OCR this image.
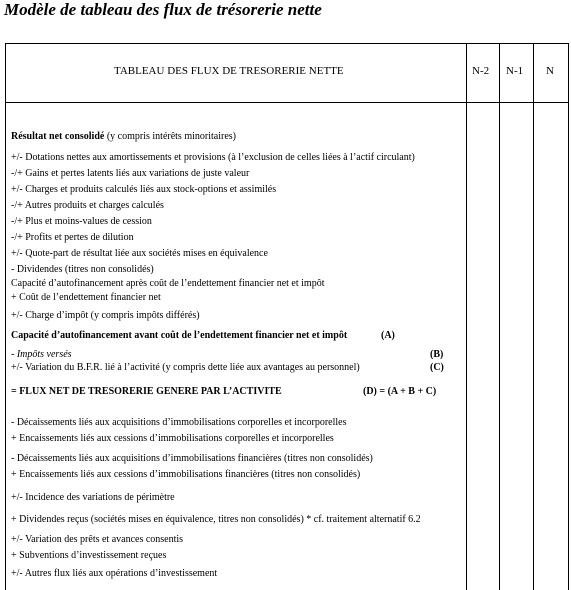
Modèle de tableau des flux de trésorerie nette
TABLEAU DES FLUX DE TRESORERIE NETTE	N-2 N-1 N
Résultat net consolidé (y compris intérêts minoritaires)
+/- Dotations nettes aux amortissements et provisions (à l’exclusion de celles liées à l’actif circulant)
-/+ Gains et pertes latents liés aux variations de juste valeur
+/- Charges et produits calculés liés aux stock-options et assimilés
-/+ Autres produits et charges calculés
-/+ Plus et moins-values de cession
-/+ Profits et pertes de dilution
+/- Quote-part de résultat liée aux sociétés mises en équivalence
- Dividendes (titres non consolidés)
Capacité d’autofinancement après coût de l’endettement financier net et impôt
+ Coût de l’endettement financier net
+/- Charge d’impôt (y compris impôts différés)
Capacité d’autofinancement avant coût de l’endettement financier net et impôt	(A)
- Impôts versés	(B)
+/- Variation du B.F.R. lié à l’activité (y compris dette liée aux avantages au personnel)	(C)
= FLUX NET DE TRESORERIE GENERE PAR L’ACTIVITE	(D) = (A + B + C)
- Décaissements liés aux acquisitions d’immobilisations corporelles et incorporelles
+ Encaissements liés aux cessions d’immobilisations corporelles et incorporelles
- Décaissements liés aux acquisitions d’immobilisations financières (titres non consolidés)
+ Encaissements liés aux cessions d’immobilisations financières (titres non consolidés)
+/- Incidence des variations de périmètre
+ Dividendes reçus (sociétés mises en équivalence, titres non consolidés) * cf. traitement alternatif 6.2
+/- Variation des prêts et avances consentis
+ Subventions d’investissement reçues
+/- Autres flux liés aux opérations d’investissement
